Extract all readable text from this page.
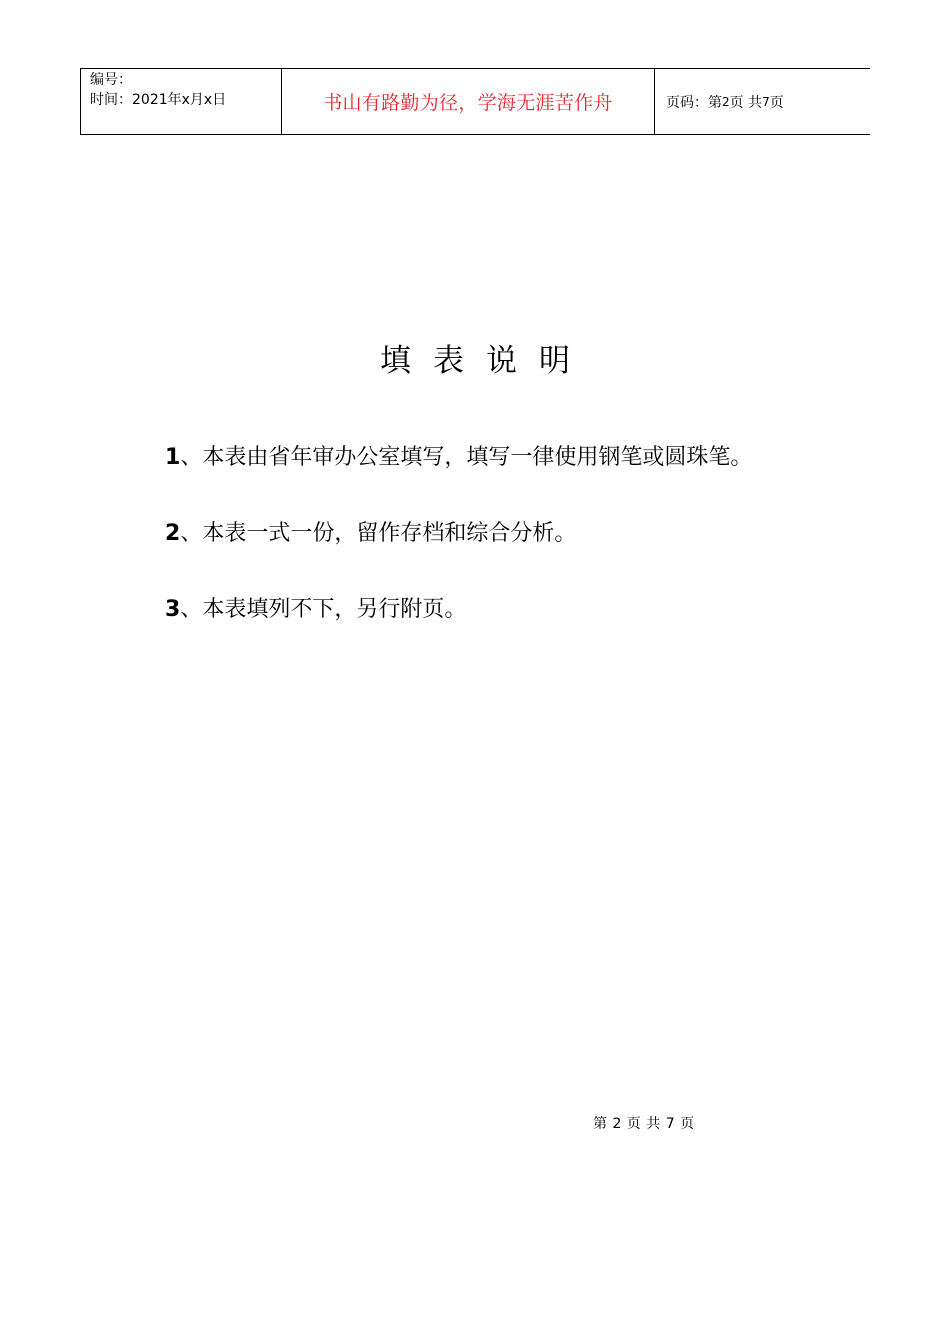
编号：
时间：2021年x月x日	书山有路勤为径，学海无涯苦作舟	页码： 第 2 页 共 7 页
填 表 说 明
1、本表由省年审办公室填写，填写一律使用钢笔或圆珠笔。
2、本表一式一份，留作存档和综合分析。
3、本表填列不下，另行附页。
第 2 页 共 7 页
